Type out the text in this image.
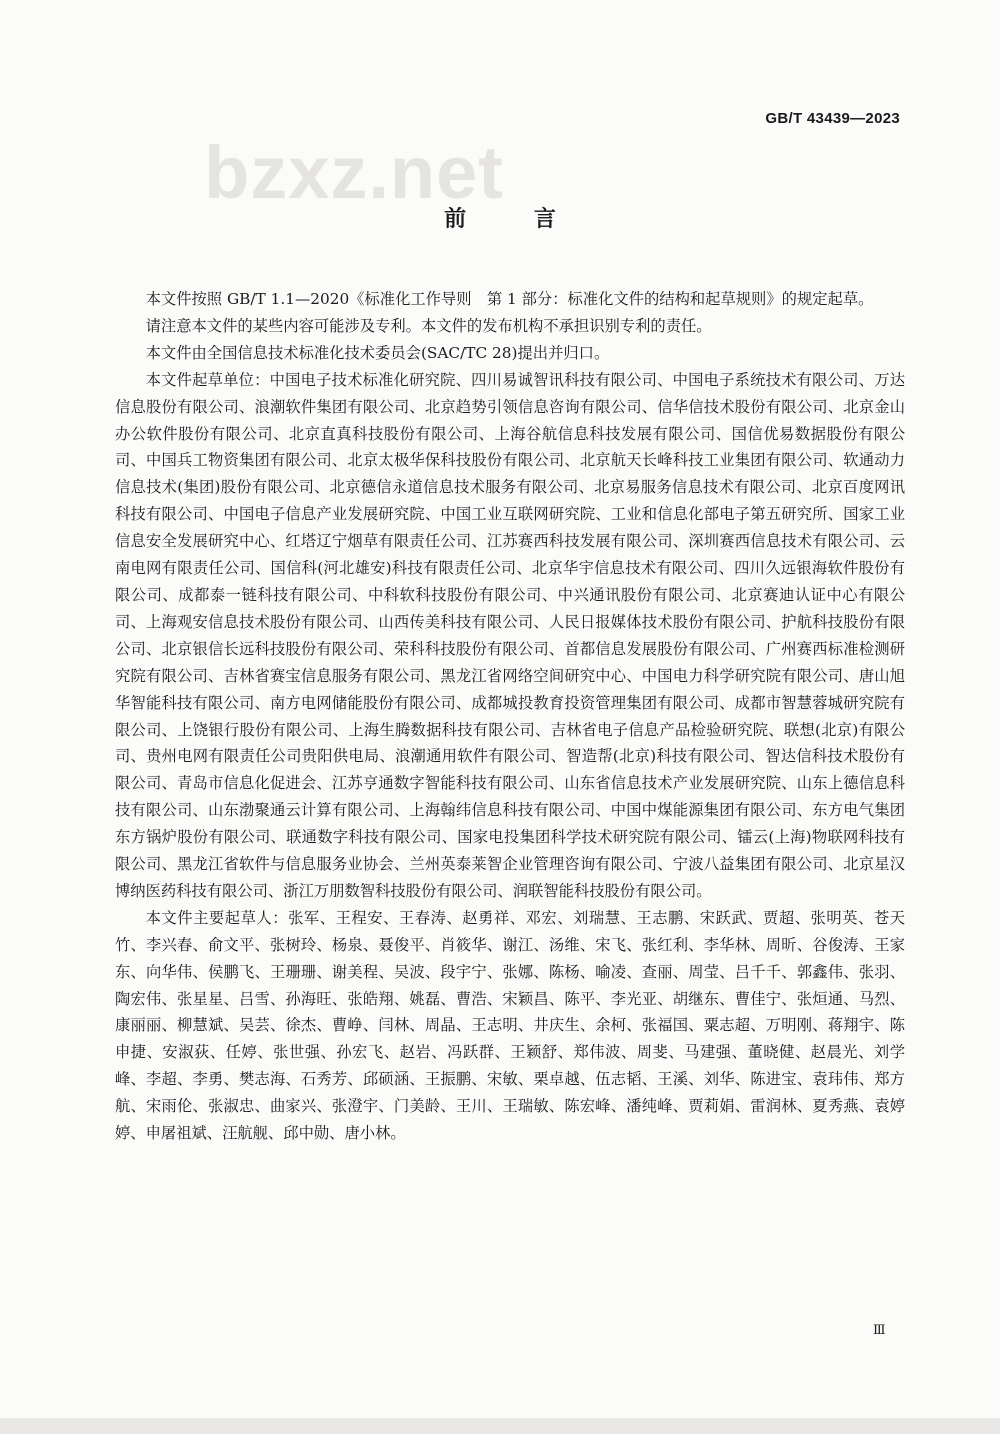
GB/T 43439—2023
bzxz.net
前 言

本文件按照 GB/T 1.1—2020《标准化工作导则　第 1 部分：标准化文件的结构和起草规则》的规定起草。

请注意本文件的某些内容可能涉及专利。本文件的发布机构不承担识别专利的责任。

本文件由全国信息技术标准化技术委员会(SAC/TC 28)提出并归口。

本文件起草单位：中国电子技术标准化研究院、四川易诚智讯科技有限公司、中国电子系统技术有限公司、万达信息股份有限公司、浪潮软件集团有限公司、北京趋势引领信息咨询有限公司、信华信技术股份有限公司、北京金山办公软件股份有限公司、北京直真科技股份有限公司、上海谷航信息科技发展有限公司、国信优易数据股份有限公司、中国兵工物资集团有限公司、北京太极华保科技股份有限公司、北京航天长峰科技工业集团有限公司、软通动力信息技术(集团)股份有限公司、北京德信永道信息技术服务有限公司、北京易服务信息技术有限公司、北京百度网讯科技有限公司、中国电子信息产业发展研究院、中国工业互联网研究院、工业和信息化部电子第五研究所、国家工业信息安全发展研究中心、红塔辽宁烟草有限责任公司、江苏赛西科技发展有限公司、深圳赛西信息技术有限公司、云南电网有限责任公司、国信科(河北雄安)科技有限责任公司、北京华宇信息技术有限公司、四川久远银海软件股份有限公司、成都泰一链科技有限公司、中科软科技股份有限公司、中兴通讯股份有限公司、北京赛迪认证中心有限公司、上海观安信息技术股份有限公司、山西传美科技有限公司、人民日报媒体技术股份有限公司、护航科技股份有限公司、北京银信长远科技股份有限公司、荣科科技股份有限公司、首都信息发展股份有限公司、广州赛西标准检测研究院有限公司、吉林省赛宝信息服务有限公司、黑龙江省网络空间研究中心、中国电力科学研究院有限公司、唐山旭华智能科技有限公司、南方电网储能股份有限公司、成都城投教育投资管理集团有限公司、成都市智慧蓉城研究院有限公司、上饶银行股份有限公司、上海生腾数据科技有限公司、吉林省电子信息产品检验研究院、联想(北京)有限公司、贵州电网有限责任公司贵阳供电局、浪潮通用软件有限公司、智造帮(北京)科技有限公司、智达信科技术股份有限公司、青岛市信息化促进会、江苏亨通数字智能科技有限公司、山东省信息技术产业发展研究院、山东上德信息科技有限公司、山东渤聚通云计算有限公司、上海翰纬信息科技有限公司、中国中煤能源集团有限公司、东方电气集团东方锅炉股份有限公司、联通数字科技有限公司、国家电投集团科学技术研究院有限公司、镭云(上海)物联网科技有限公司、黑龙江省软件与信息服务业协会、兰州英泰莱智企业管理咨询有限公司、宁波八益集团有限公司、北京星汉博纳医药科技有限公司、浙江万朋数智科技股份有限公司、润联智能科技股份有限公司。

本文件主要起草人：张军、王程安、王春涛、赵勇祥、邓宏、刘瑞慧、王志鹏、宋跃武、贾超、张明英、苍天竹、李兴春、俞文平、张树玲、杨泉、聂俊平、肖筱华、谢江、汤维、宋飞、张红利、李华林、周昕、谷俊涛、王家东、向华伟、侯鹏飞、王珊珊、谢美程、吴波、段宇宁、张娜、陈杨、喻凌、查丽、周莹、吕千千、郭鑫伟、张羽、陶宏伟、张星星、吕雪、孙海旺、张皓翔、姚磊、曹浩、宋颖昌、陈平、李光亚、胡继东、曹佳宁、张烜通、马烈、康丽丽、柳慧斌、吴芸、徐杰、曹峥、闫林、周晶、王志明、井庆生、余柯、张福国、粟志超、万明刚、蒋翔宇、陈申捷、安淑荻、任婷、张世强、孙宏飞、赵岩、冯跃群、王颖舒、郑伟波、周斐、马建强、董晓健、赵晨光、刘学峰、李超、李勇、樊志海、石秀芳、邱硕涵、王振鹏、宋敏、栗卓越、伍志韬、王溪、刘华、陈进宝、袁玮伟、郑方航、宋雨伦、张淑忠、曲家兴、张澄宇、门美龄、王川、王瑞敏、陈宏峰、潘纯峰、贾莉娟、雷润林、夏秀燕、袁婷婷、申屠祖斌、汪航舰、邱中勋、唐小林。

Ⅲ
